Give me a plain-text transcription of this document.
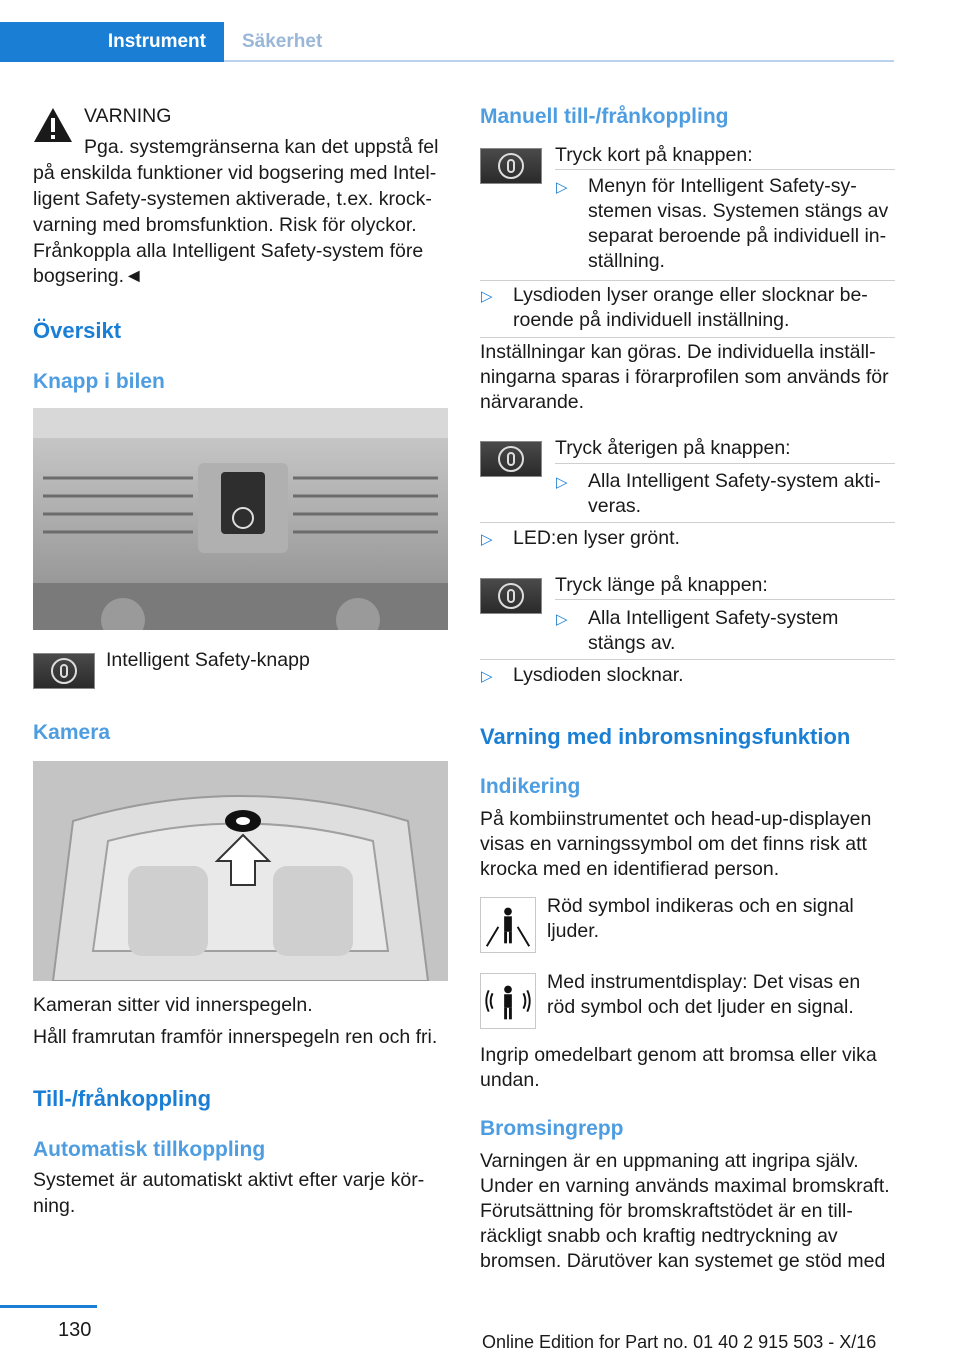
Instrument	Säkerhet
VARNING
Pga. systemgränserna kan det uppstå fel
på enskilda funktioner vid bogsering med Intel-
ligent Safety-systemen aktiverade, t.ex. krock-
varning med bromsfunktion. Risk för olyckor.
Frånkoppla alla Intelligent Safety-system före
bogsering.◄
Översikt
Knapp i bilen
Intelligent Safety-knapp
Kamera
Kameran sitter vid innerspegeln.
Håll framrutan framför innerspegeln ren och fri.
Till-/frånkoppling
Automatisk tillkoppling
Systemet är automatiskt aktivt efter varje kör-
ning.
Manuell till-/frånkoppling
Tryck kort på knappen:
▷ Menyn för Intelligent Safety-sy-
stemen visas. Systemen stängs av
separat beroende på individuell in-
ställning.
▷ Lysdioden lyser orange eller slocknar be-
roende på individuell inställning.
Inställningar kan göras. De individuella inställ-
ningarna sparas i förarprofilen som används för
närvarande.
Tryck återigen på knappen:
▷ Alla Intelligent Safety-system akti-
veras.
▷ LED:en lyser grönt.
Tryck länge på knappen:
▷ Alla Intelligent Safety-system
stängs av.
▷ Lysdioden slocknar.
Varning med inbromsningsfunktion
Indikering
På kombiinstrumentet och head-up-displayen
visas en varningssymbol om det finns risk att
krocka med en identifierad person.
Röd symbol indikeras och en signal
ljuder.
Med instrumentdisplay: Det visas en
röd symbol och det ljuder en signal.
Ingrip omedelbart genom att bromsa eller vika
undan.
Bromsingrepp
Varningen är en uppmaning att ingripa själv.
Under en varning används maximal bromskraft.
Förutsättning för bromskraftstödet är en till-
räckligt snabb och kraftig nedtryckning av
bromsen. Därutöver kan systemet ge stöd med
130
Online Edition for Part no. 01 40 2 915 503 - X/16
